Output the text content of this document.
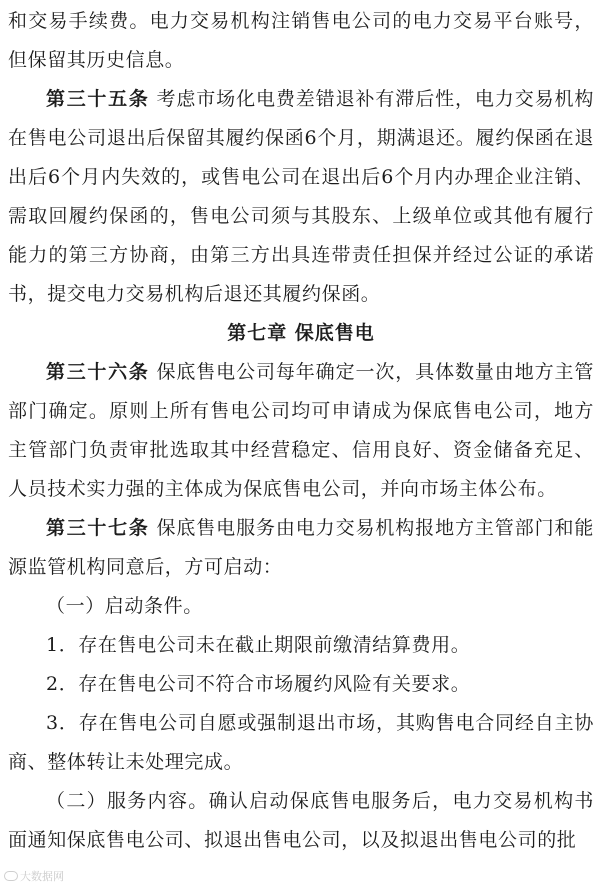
和交易手续费。电力交易机构注销售电公司的电力交易平台账号，但保留其历史信息。

第三十五条 考虑市场化电费差错退补有滞后性，电力交易机构在售电公司退出后保留其履约保函6个月，期满退还。履约保函在退出后6个月内失效的，或售电公司在退出后6个月内办理企业注销、需取回履约保函的，售电公司须与其股东、上级单位或其他有履行能力的第三方协商，由第三方出具连带责任担保并经过公证的承诺书，提交电力交易机构后退还其履约保函。

第七章 保底售电

第三十六条 保底售电公司每年确定一次，具体数量由地方主管部门确定。原则上所有售电公司均可申请成为保底售电公司，地方主管部门负责审批选取其中经营稳定、信用良好、资金储备充足、人员技术实力强的主体成为保底售电公司，并向市场主体公布。

第三十七条 保底售电服务由电力交易机构报地方主管部门和能源监管机构同意后，方可启动：

（一）启动条件。

1．存在售电公司未在截止期限前缴清结算费用。

2．存在售电公司不符合市场履约风险有关要求。

3．存在售电公司自愿或强制退出市场，其购售电合同经自主协商、整体转让未处理完成。

（二）服务内容。确认启动保底售电服务后，电力交易机构书面通知保底售电公司、拟退出售电公司，以及拟退出售电公司的批

大数据网
